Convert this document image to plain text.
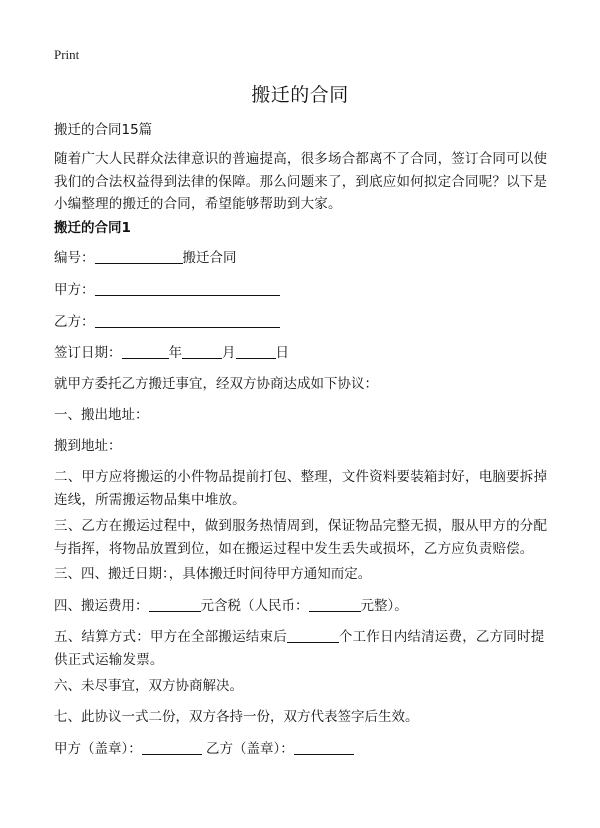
Print
搬迁的合同
搬迁的合同15篇
随着广大人民群众法律意识的普遍提高，很多场合都离不了合同，签订合同可以使我们的合法权益得到法律的保障。那么问题来了，到底应如何拟定合同呢？以下是小编整理的搬迁的合同，希望能够帮助到大家。
搬迁的合同1
编号：	搬迁合同
甲方：
乙方：
签订日期：	年	月	日
就甲方委托乙方搬迁事宜，经双方协商达成如下协议：
一、搬出地址：
搬到地址：
二、甲方应将搬运的小件物品提前打包、整理，文件资料要装箱封好，电脑要拆掉连线，所需搬运物品集中堆放。
三、乙方在搬运过程中，做到服务热情周到，保证物品完整无损，服从甲方的分配与指挥，将物品放置到位，如在搬运过程中发生丢失或损坏，乙方应负责赔偿。
三、四、搬迁日期：，具体搬迁时间待甲方通知而定。
四、搬运费用：	元含税（人民币：	元整）。
五、结算方式：甲方在全部搬运结束后	个工作日内结清运费，乙方同时提供正式运输发票。
六、未尽事宜，双方协商解决。
七、此协议一式二份，双方各持一份，双方代表签字后生效。
甲方（盖章）：	乙方（盖章）：
